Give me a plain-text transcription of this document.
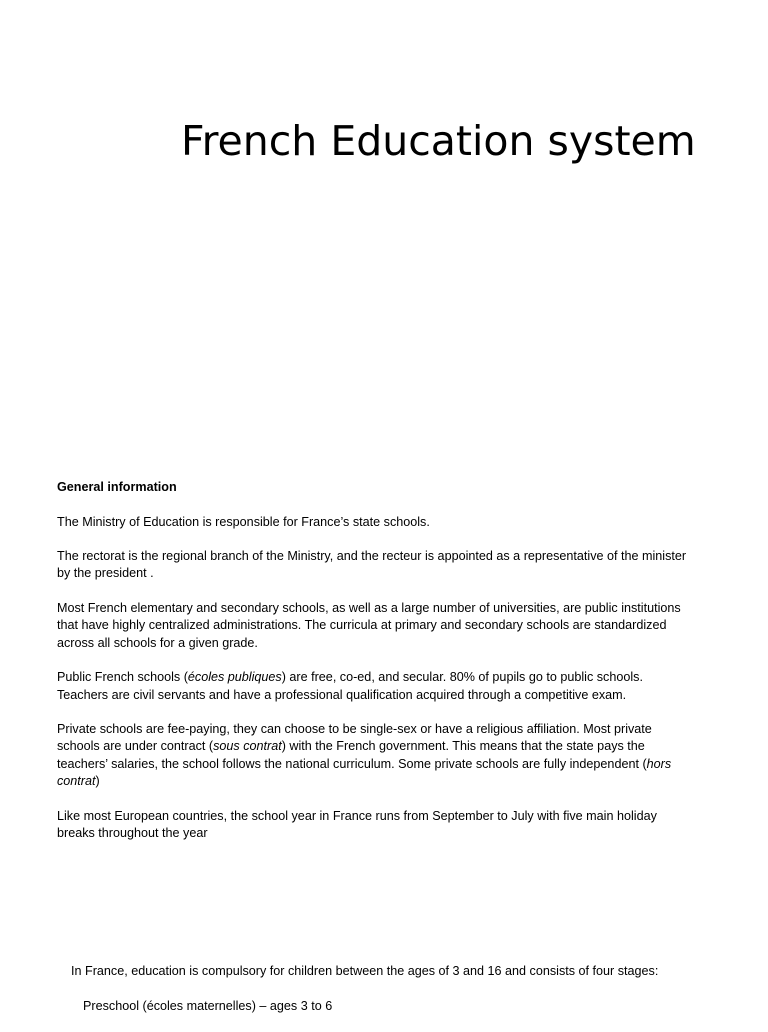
French Education system

General information

The Ministry of Education is responsible for France’s state schools.

The rectorat is the regional branch of the Ministry, and the recteur is appointed as a representative of the minister by the president .

Most French elementary and secondary schools, as well as a large number of universities, are public institutions that have highly centralized administrations. The curricula at primary and secondary schools are standardized across all schools for a given grade.

Public French schools (écoles publiques) are free, co-ed, and secular. 80% of pupils go to public schools. Teachers are civil servants and have a professional qualification acquired through a competitive exam.

Private schools are fee-paying, they can choose to be single-sex or have a religious affiliation. Most private schools are under contract (sous contrat) with the French government. This means that the state pays the teachers’ salaries, the school follows the national curriculum. Some private schools are fully independent (hors contrat)

Like most European countries, the school year in France runs from September to July with five main holiday breaks throughout the year

In France, education is compulsory for children between the ages of 3 and 16 and consists of four stages:

Preschool (écoles maternelles) – ages 3 to 6
